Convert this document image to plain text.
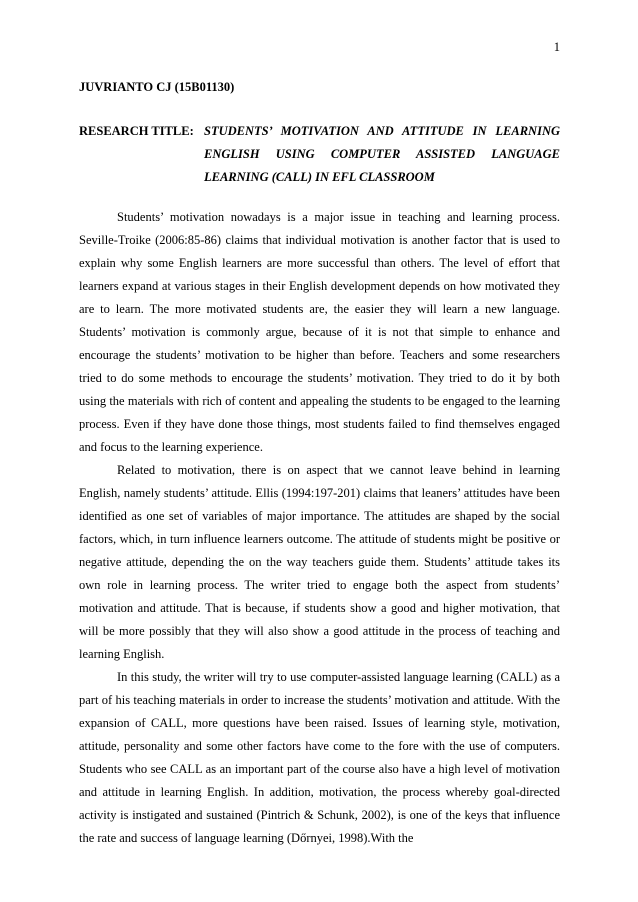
1
JUVRIANTO CJ (15B01130)
RESEARCH TITLE: STUDENTS’ MOTIVATION AND ATTITUDE IN LEARNING
ENGLISH USING COMPUTER ASSISTED LANGUAGE
LEARNING (CALL) IN EFL CLASSROOM

Students’ motivation nowadays is a major issue in teaching and learning process. Seville-Troike (2006:85-86) claims that individual motivation is another factor that is used to explain why some English learners are more successful than others. The level of effort that learners expand at various stages in their English development depends on how motivated they are to learn. The more motivated students are, the easier they will learn a new language. Students’ motivation is commonly argue, because of it is not that simple to enhance and encourage the students’ motivation to be higher than before. Teachers and some researchers tried to do some methods to encourage the students’ motivation. They tried to do it by both using the materials with rich of content and appealing the students to be engaged to the learning process. Even if they have done those things, most students failed to find themselves engaged and focus to the learning experience.

Related to motivation, there is on aspect that we cannot leave behind in learning English, namely students’ attitude. Ellis (1994:197-201) claims that leaners’ attitudes have been identified as one set of variables of major importance. The attitudes are shaped by the social factors, which, in turn influence learners outcome. The attitude of students might be positive or negative attitude, depending the on the way teachers guide them. Students’ attitude takes its own role in learning process. The writer tried to engage both the aspect from students’ motivation and attitude. That is because, if students show a good and higher motivation, that will be more possibly that they will also show a good attitude in the process of teaching and learning English.

In this study, the writer will try to use computer-assisted language learning (CALL) as a part of his teaching materials in order to increase the students’ motivation and attitude. With the expansion of CALL, more questions have been raised. Issues of learning style, motivation, attitude, personality and some other factors have come to the fore with the use of computers. Students who see CALL as an important part of the course also have a high level of motivation and attitude in learning English. In addition, motivation, the process whereby goal-directed activity is instigated and sustained (Pintrich & Schunk, 2002), is one of the keys that influence the rate and success of language learning (Dőrnyei, 1998).With the
